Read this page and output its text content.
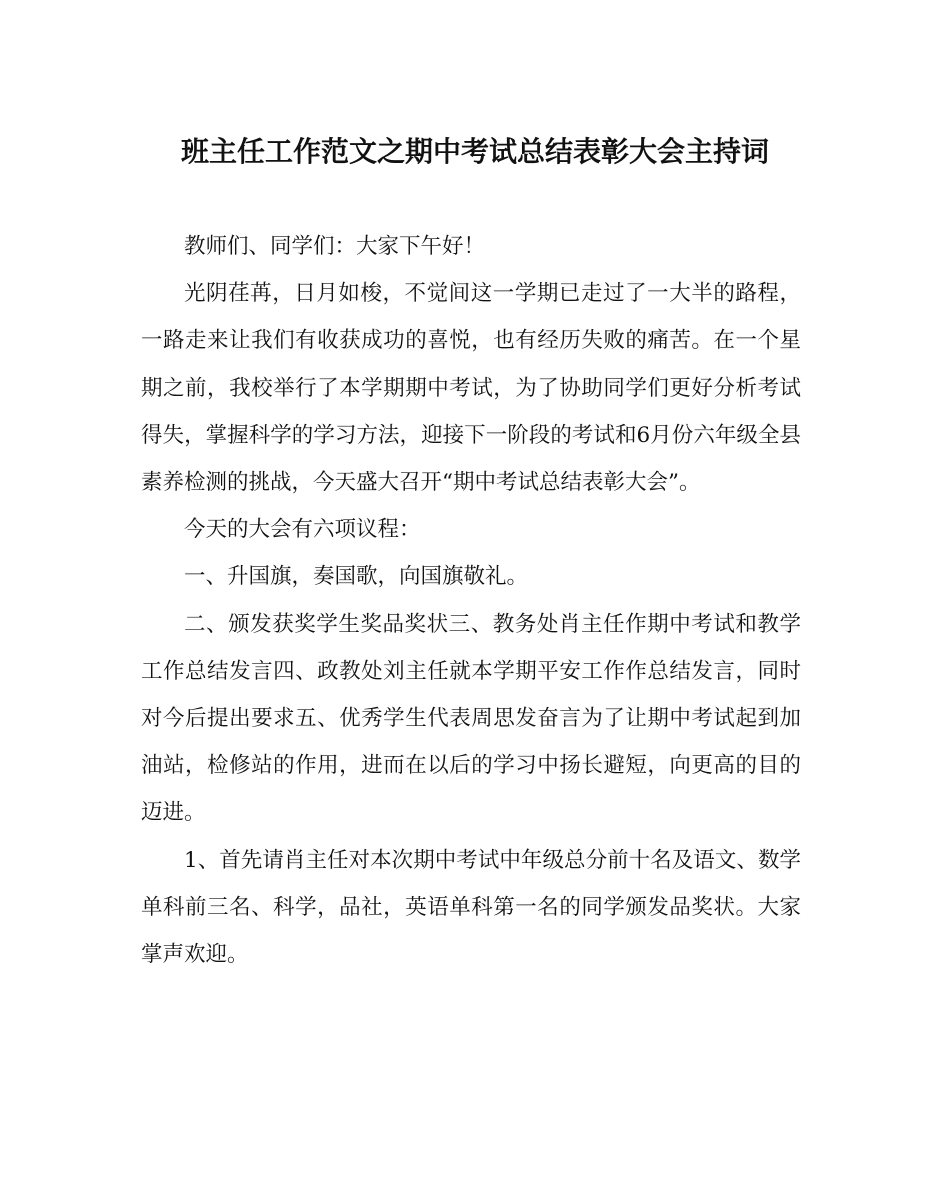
班主任工作范文之期中考试总结表彰大会主持词

教师们、同学们：大家下午好！

光阴荏苒，日月如梭，不觉间这一学期已走过了一大半的路程，一路走来让我们有收获成功的喜悦，也有经历失败的痛苦。在一个星期之前，我校举行了本学期期中考试，为了协助同学们更好分析考试得失，掌握科学的学习方法，迎接下一阶段的考试和6月份六年级全县素养检测的挑战，今天盛大召开“期中考试总结表彰大会”。

今天的大会有六项议程：

一、升国旗，奏国歌，向国旗敬礼。

二、颁发获奖学生奖品奖状三、教务处肖主任作期中考试和教学工作总结发言四、政教处刘主任就本学期平安工作作总结发言，同时对今后提出要求五、优秀学生代表周思发奋言为了让期中考试起到加油站，检修站的作用，进而在以后的学习中扬长避短，向更高的目的迈进。

1、首先请肖主任对本次期中考试中年级总分前十名及语文、数学单科前三名、科学，品社，英语单科第一名的同学颁发品奖状。大家掌声欢迎。
